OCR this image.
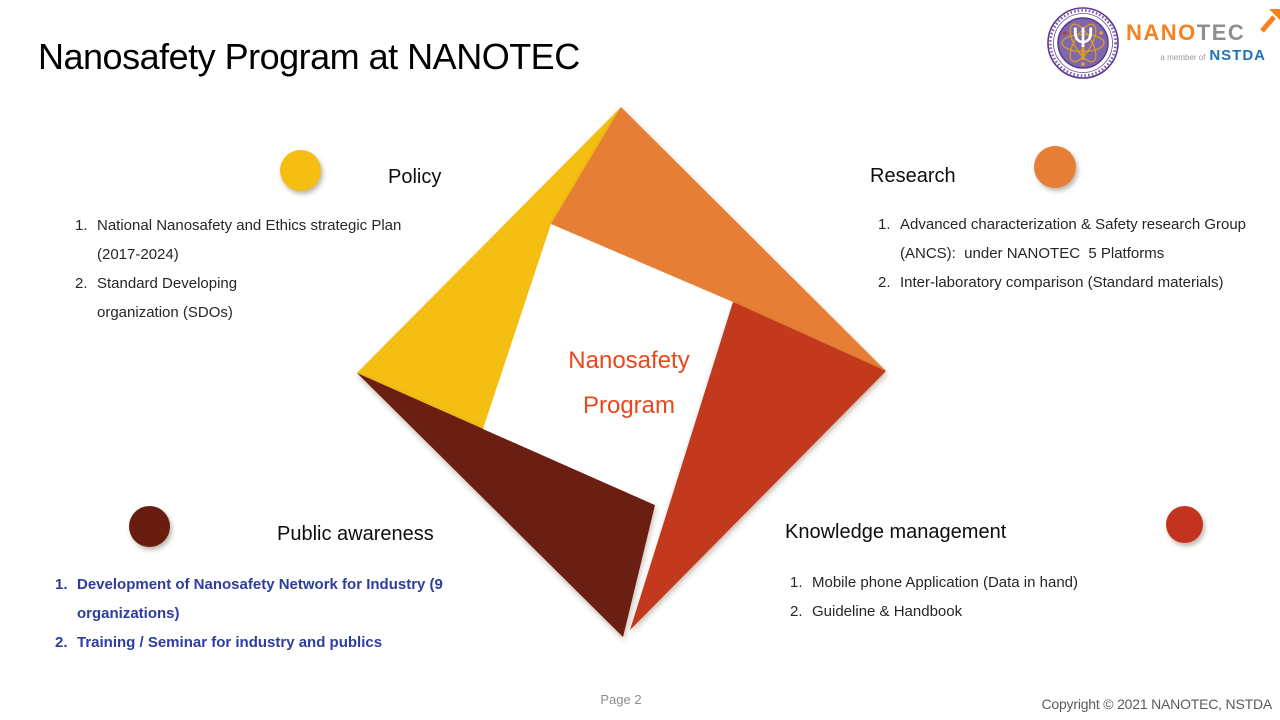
Nanosafety Program at NANOTEC	Ψ NANOTEC
a member of NSTDA
Nanosafety
Program
Policy
1. National Nanosafety and Ethics strategic Plan
(2017-2024)
2. Standard Developing
organization (SDOs)
Research
1. Advanced characterization & Safety research Group
(ANCS):  under NANOTEC  5 Platforms
2. Inter-laboratory comparison (Standard materials)
Public awareness
1. Development of Nanosafety Network for Industry (9
organizations)
2. Training / Seminar for industry and publics
Knowledge management
1. Mobile phone Application (Data in hand)
2. Guideline & Handbook
Page 2	Copyright © 2021 NANOTEC, NSTDA
